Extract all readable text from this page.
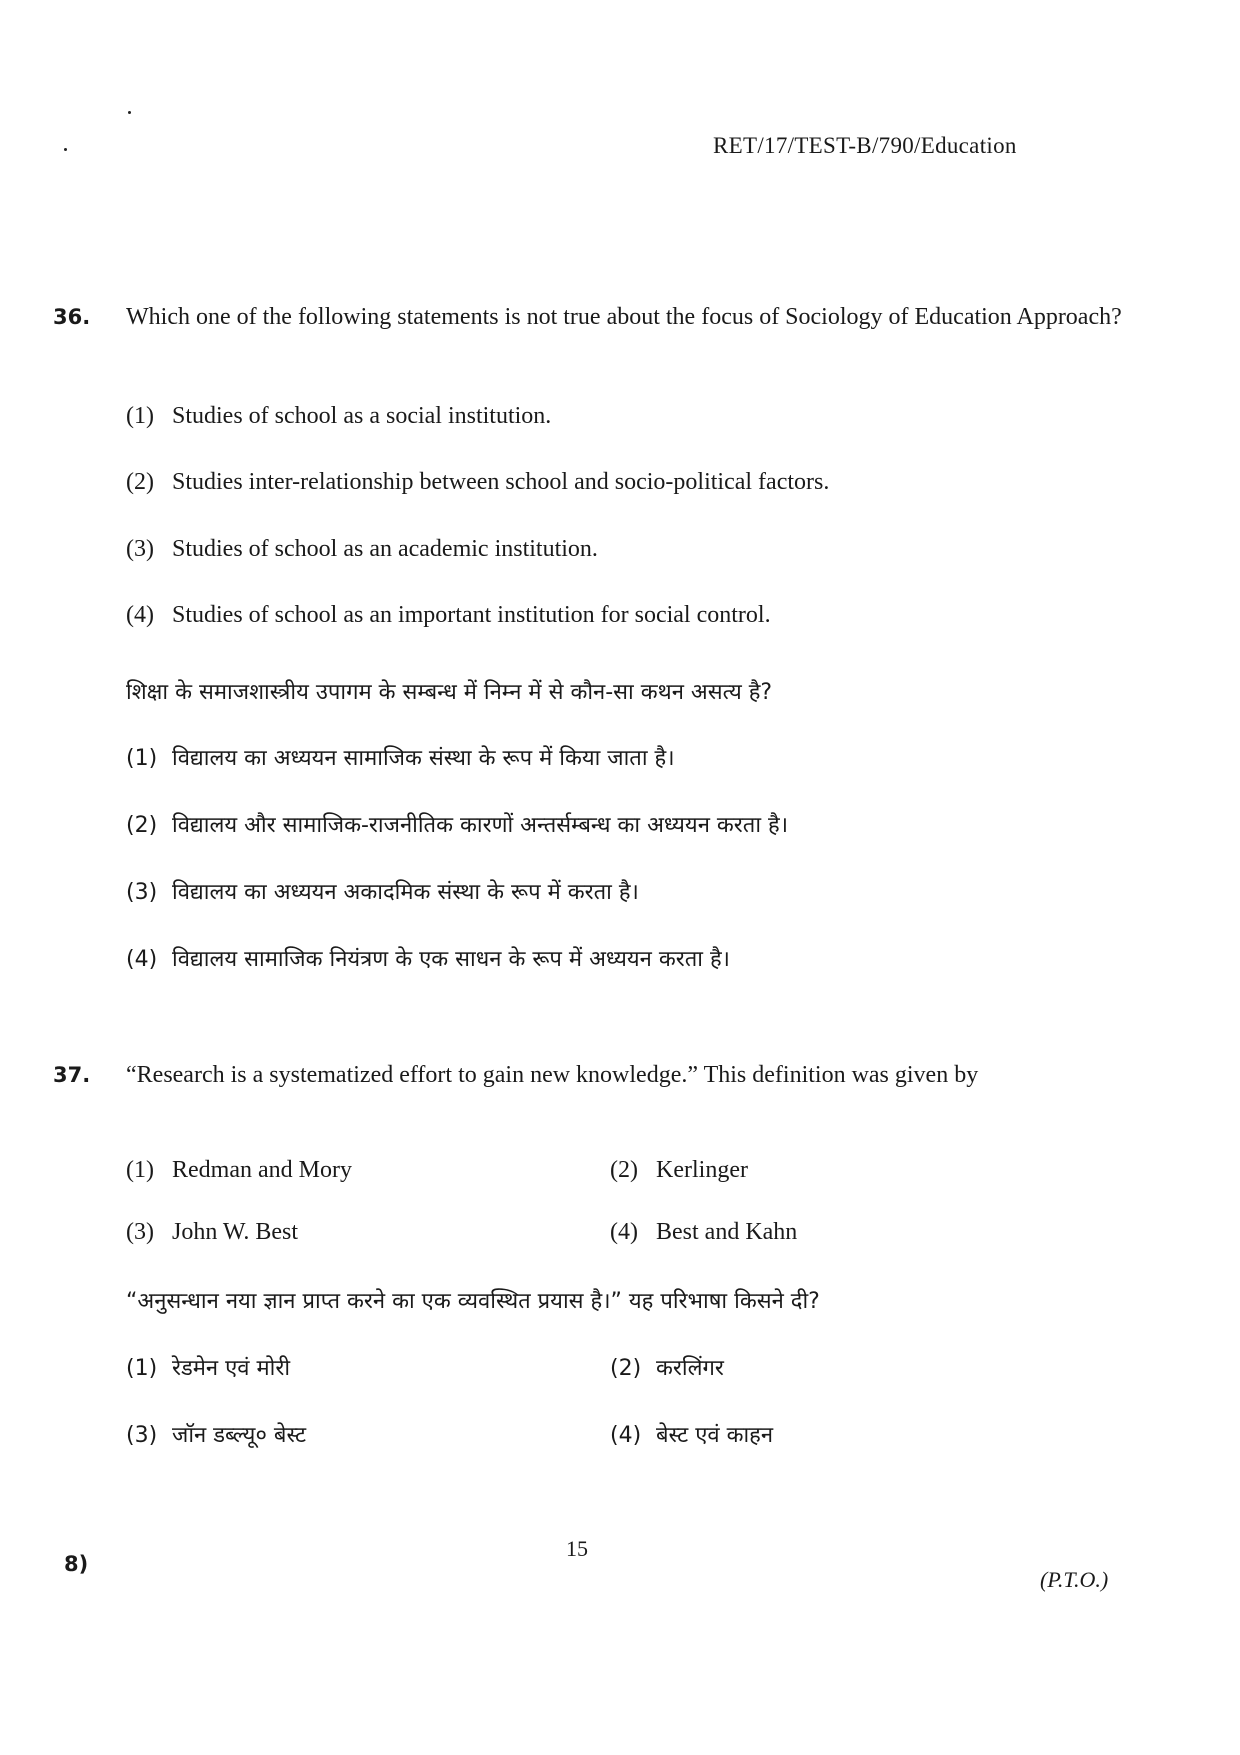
RET/17/TEST-B/790/Education
36. Which one of the following statements is not true about the focus of Sociology of Education Approach?
(1) Studies of school as a social institution.
(2) Studies inter-relationship between school and socio-political factors.
(3) Studies of school as an academic institution.
(4) Studies of school as an important institution for social control.
शिक्षा के समाजशास्त्रीय उपागम के सम्बन्ध में निम्न में से कौन-सा कथन असत्य है?
(1) विद्यालय का अध्ययन सामाजिक संस्था के रूप में किया जाता है।
(2) विद्यालय और सामाजिक-राजनीतिक कारणों अन्तर्सम्बन्ध का अध्ययन करता है।
(3) विद्यालय का अध्ययन अकादमिक संस्था के रूप में करता है।
(4) विद्यालय सामाजिक नियंत्रण के एक साधन के रूप में अध्ययन करता है।
37. “Research is a systematized effort to gain new knowledge.” This definition was given by
(1) Redman and Mory	(2) Kerlinger
(3) John W. Best	(4) Best and Kahn
“अनुसन्धान नया ज्ञान प्राप्त करने का एक व्यवस्थित प्रयास है।” यह परिभाषा किसने दी?
(1) रेडमेन एवं मोरी	(2) करलिंगर
(3) जॉन डब्ल्यू० बेस्ट	(4) बेस्ट एवं काहन
8)
15
(P.T.O.)
